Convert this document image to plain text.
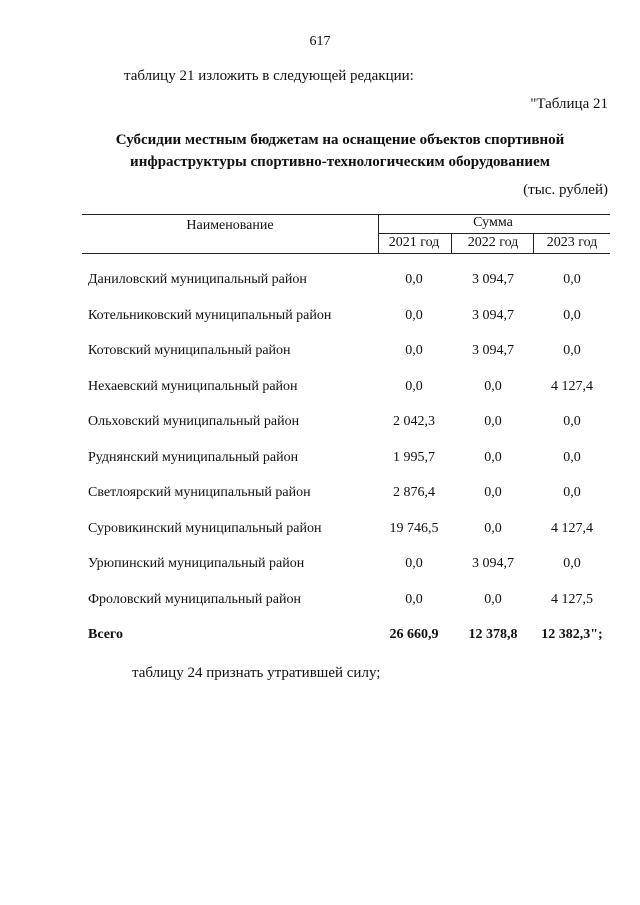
617
таблицу 21 изложить в следующей редакции:
"Таблица 21
Субсидии местным бюджетам на оснащение объектов спортивной
инфраструктуры спортивно-технологическим оборудованием
(тыс. рублей)
Наименование	Сумма
2021 год	2022 год	2023 год
Даниловский муниципальный район	0,0	3 094,7	0,0
Котельниковский муниципальный район	0,0	3 094,7	0,0
Котовский муниципальный район	0,0	3 094,7	0,0
Нехаевский муниципальный район	0,0	0,0	4 127,4
Ольховский муниципальный район	2 042,3	0,0	0,0
Руднянский муниципальный район	1 995,7	0,0	0,0
Светлоярский муниципальный район	2 876,4	0,0	0,0
Суровикинский муниципальный район	19 746,5	0,0	4 127,4
Урюпинский муниципальный район	0,0	3 094,7	0,0
Фроловский муниципальный район	0,0	0,0	4 127,5
Всего	26 660,9	12 378,8	12 382,3";
таблицу 24 признать утратившей силу;
